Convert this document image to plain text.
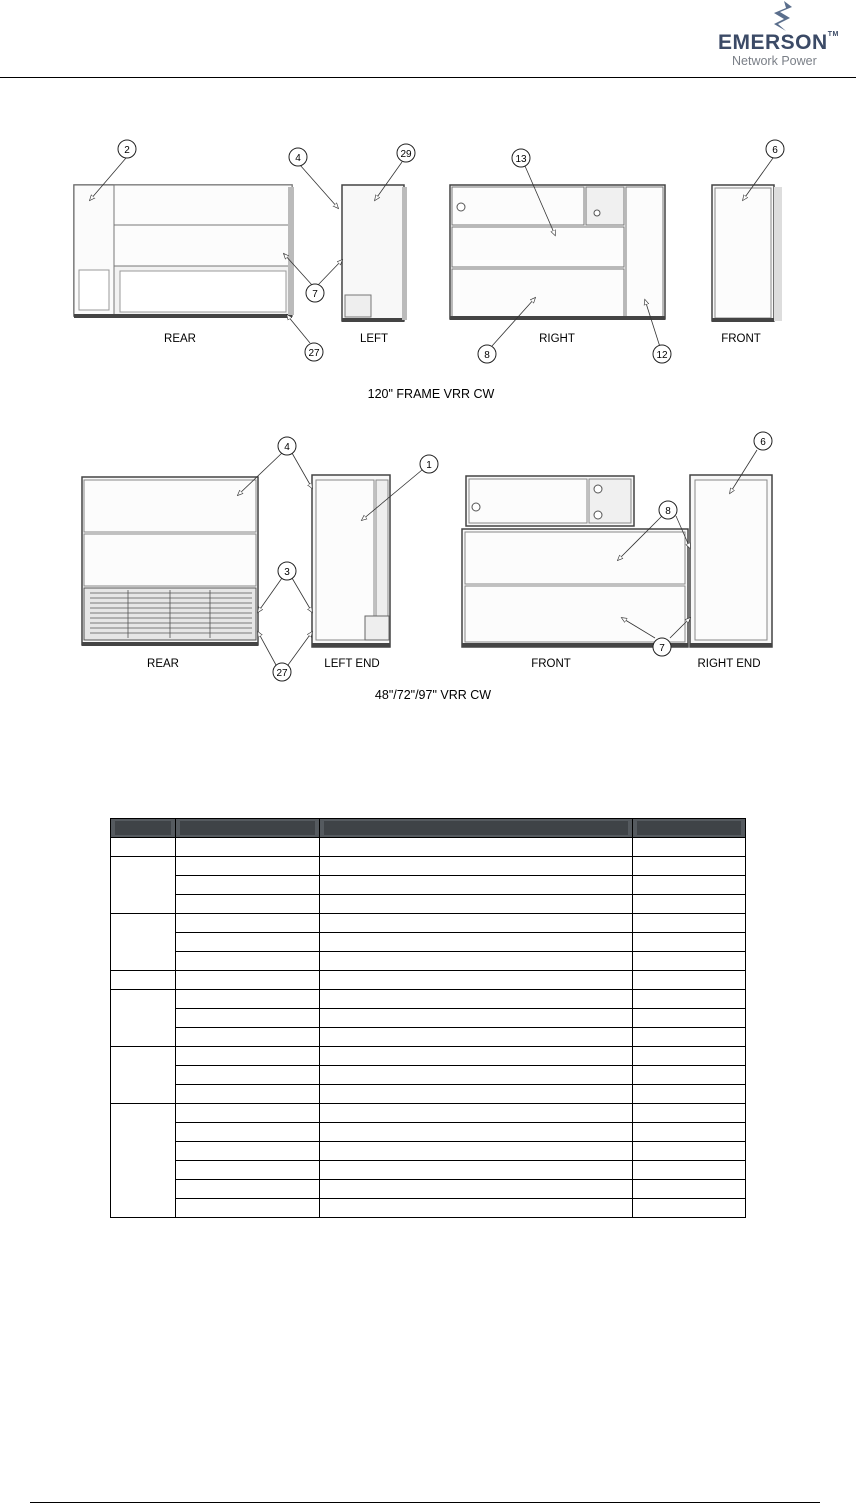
EMERSON™
Network Power
2
4	29	13
6
7
27	8	12
REAR	LEFT	RIGHT	FRONT
120" FRAME VRR CW
4
1
6
8
3
27
7
REAR	LEFT END	FRONT	RIGHT END
48"/72"/97" VRR CW
